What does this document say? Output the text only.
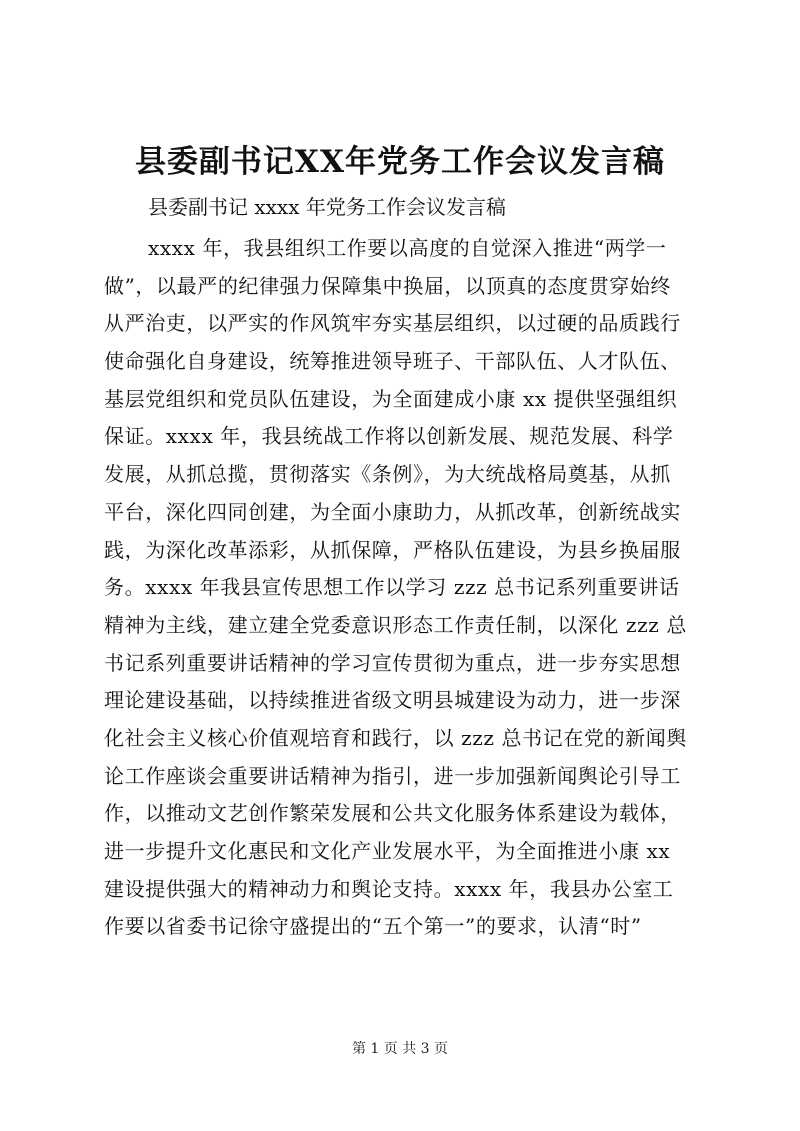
县委副书记XX年党务工作会议发言稿
县委副书记 xxxx 年党务工作会议发言稿
xxxx 年，我县组织工作要以高度的自觉深入推进“两学一
做”，以最严的纪律强力保障集中换届，以顶真的态度贯穿始终
从严治吏，以严实的作风筑牢夯实基层组织，以过硬的品质践行
使命强化自身建设，统筹推进领导班子、干部队伍、人才队伍、
基层党组织和党员队伍建设，为全面建成小康 xx 提供坚强组织
保证。xxxx 年，我县统战工作将以创新发展、规范发展、科学
发展，从抓总揽，贯彻落实《条例》，为大统战格局奠基，从抓
平台，深化四同创建，为全面小康助力，从抓改革，创新统战实
践，为深化改革添彩，从抓保障，严格队伍建设，为县乡换届服
务。xxxx 年我县宣传思想工作以学习 zzz 总书记系列重要讲话
精神为主线，建立建全党委意识形态工作责任制，以深化 zzz 总
书记系列重要讲话精神的学习宣传贯彻为重点，进一步夯实思想
理论建设基础，以持续推进省级文明县城建设为动力，进一步深
化社会主义核心价值观培育和践行，以 zzz 总书记在党的新闻舆
论工作座谈会重要讲话精神为指引，进一步加强新闻舆论引导工
作，以推动文艺创作繁荣发展和公共文化服务体系建设为载体，
进一步提升文化惠民和文化产业发展水平，为全面推进小康 xx
建设提供强大的精神动力和舆论支持。xxxx 年，我县办公室工
作要以省委书记徐守盛提出的“五个第一”的要求，认清“时”
第 1 页 共 3 页
